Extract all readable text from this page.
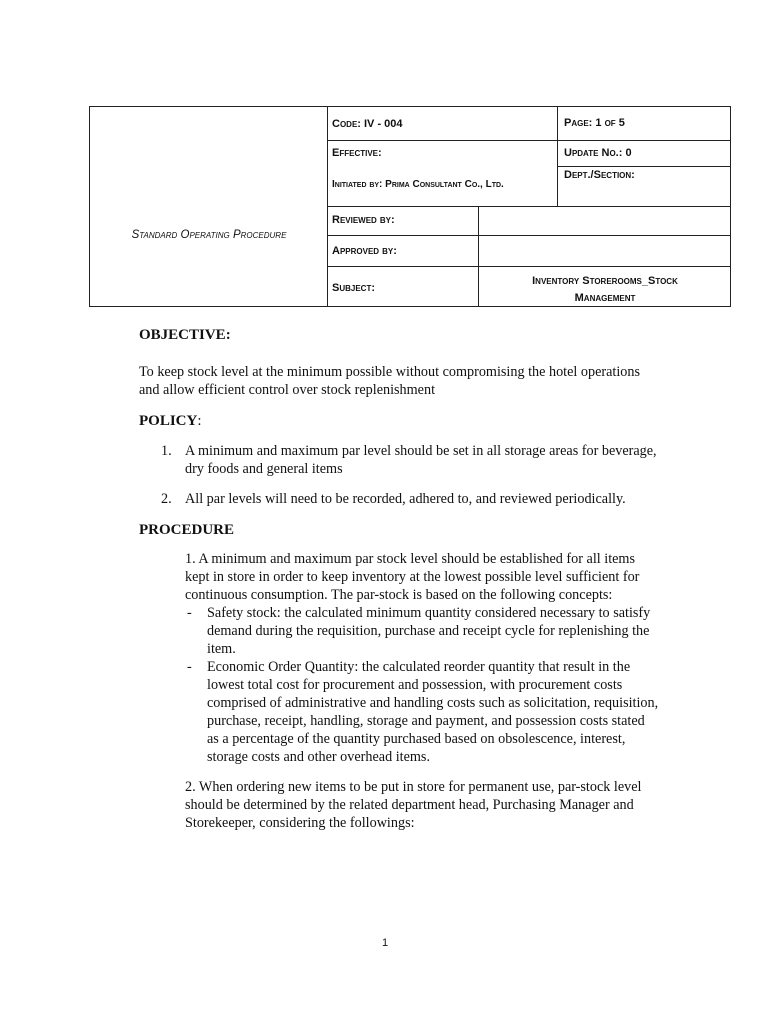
Standard Operating Procedure
Code: IV - 004	Page: 1 of 5
Effective:	Update No.: 0
Dept./Section:
Initiated by: Prima Consultant Co., Ltd.
Reviewed by:
Approved by:
Subject:
Inventory Storerooms_Stock
Management
OBJECTIVE:

To keep stock level at the minimum possible without compromising the hotel operations and allow efficient control over stock replenishment

POLICY:
1. A minimum and maximum par level should be set in all storage areas for beverage, dry foods and general items
2. All par levels will need to be recorded, adhered to, and reviewed periodically.
PROCEDURE

1. A minimum and maximum par stock level should be established for all items kept in store in order to keep inventory at the lowest possible level sufficient for continuous consumption. The par-stock is based on the following concepts:

- Safety stock: the calculated minimum quantity considered necessary to satisfy demand during the requisition, purchase and receipt cycle for replenishing the item.
- Economic Order Quantity: the calculated reorder quantity that result in the lowest total cost for procurement and possession, with procurement costs comprised of administrative and handling costs such as solicitation, requisition, purchase, receipt, handling, storage and payment, and possession costs stated as a percentage of the quantity purchased based on obsolescence, interest, storage costs and other overhead items.

2. When ordering new items to be put in store for permanent use, par-stock level should be determined by the related department head, Purchasing Manager and Storekeeper, considering the followings:

1
